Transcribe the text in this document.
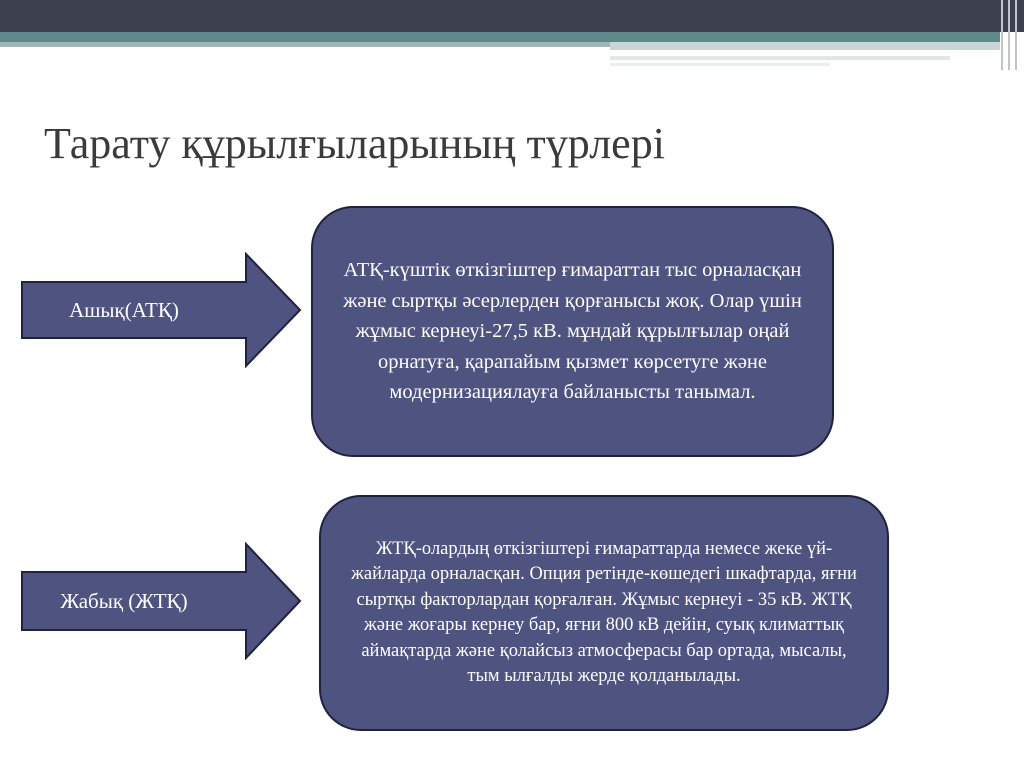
Тарату құрылғыларының түрлері
Ашық(АТҚ)

АТҚ-күштік өткізгіштер ғимараттан тыс орналасқан және сыртқы әсерлерден қорғанысы жоқ. Олар үшін жұмыс кернеуі-27,5 кВ. мұндай құрылғылар оңай орнатуға, қарапайым қызмет көрсетуге және модернизациялауға байланысты танымал.

Жабық (ЖТҚ)

ЖТҚ-олардың өткізгіштері ғимараттарда немесе жеке үй-жайларда орналасқан. Опция ретінде-көшедегі шкафтарда, яғни сыртқы факторлардан қорғалған. Жұмыс кернеуі - 35 кВ. ЖТҚ және жоғары кернеу бар, яғни 800 кВ дейін, суық климаттық аймақтарда және қолайсыз атмосферасы бар ортада, мысалы, тым ылғалды жерде қолданылады.
